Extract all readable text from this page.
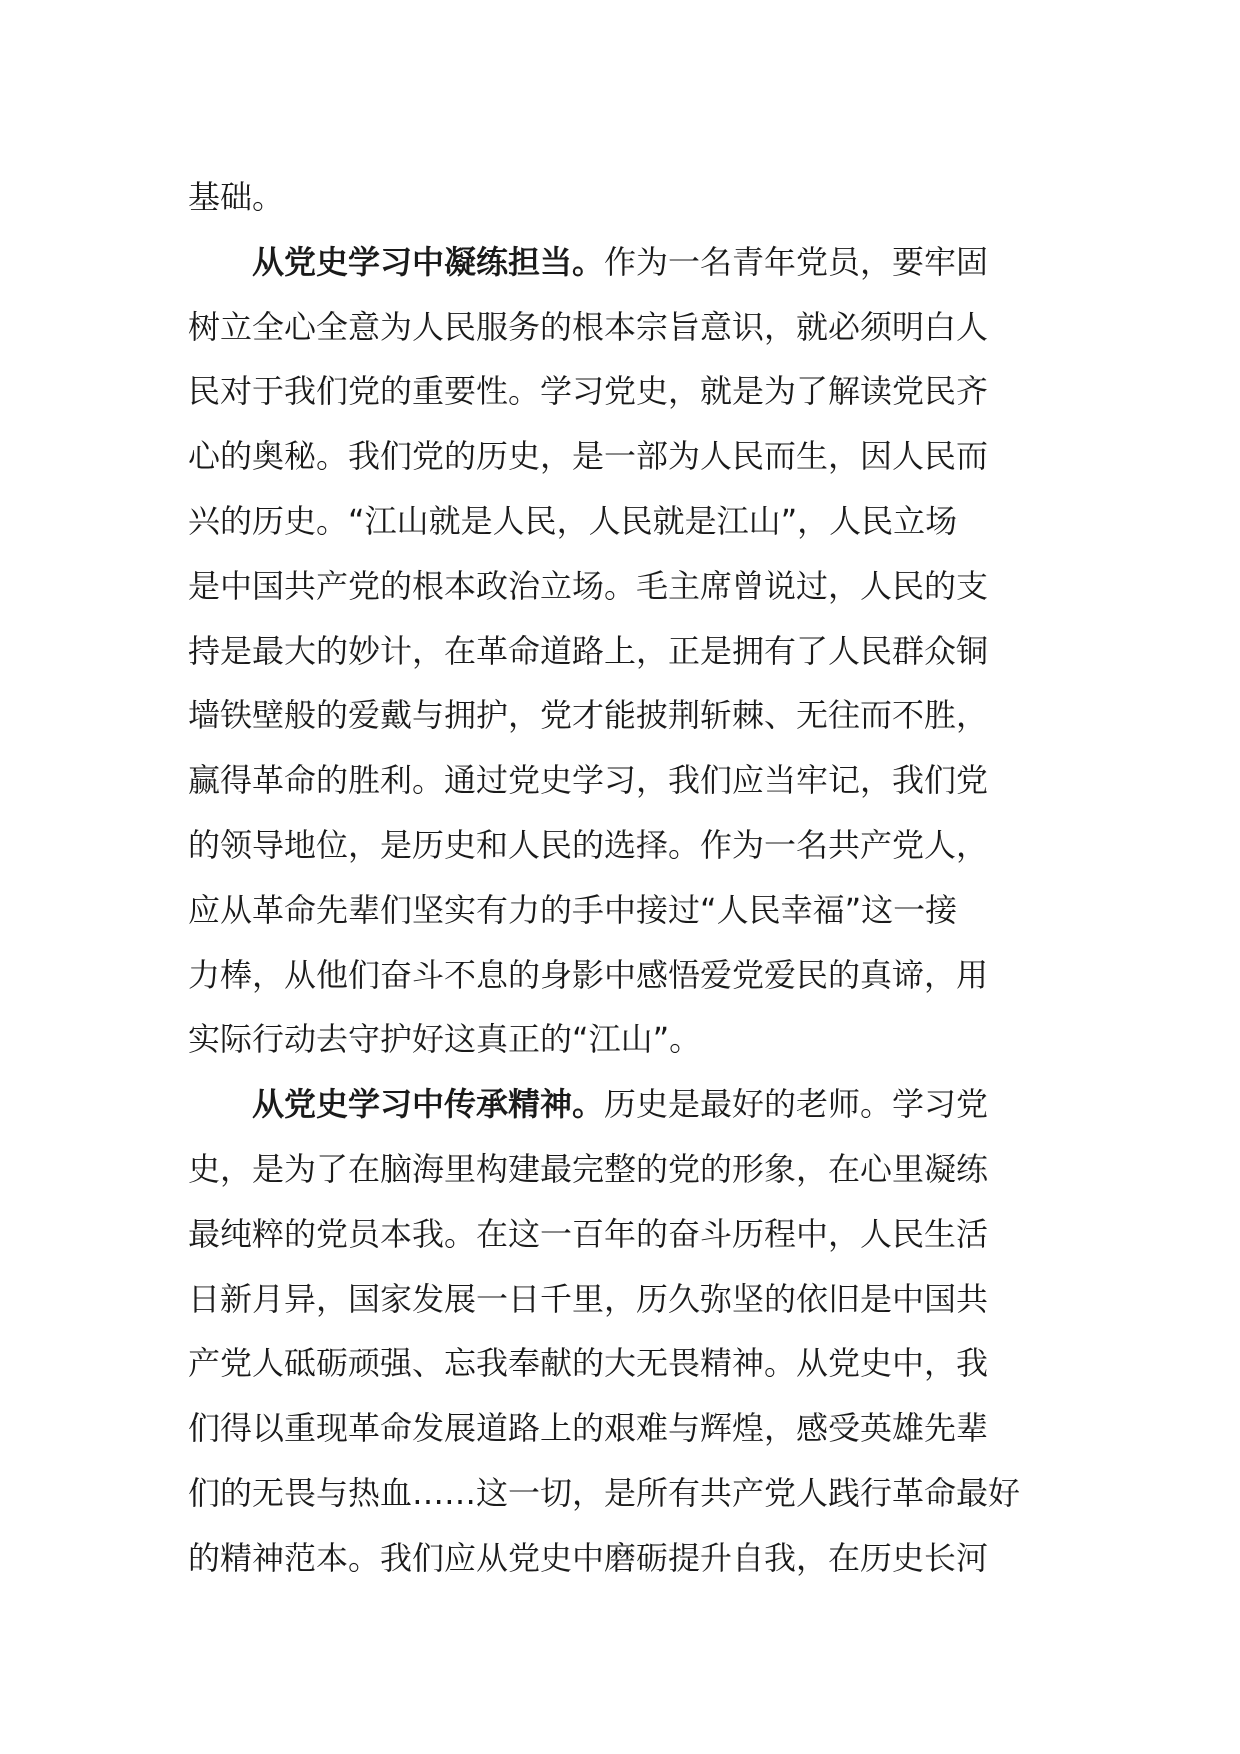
基础。
从党史学习中凝练担当。 作为一名青年党员，要牢固
树立全心全意为人民服务的根本宗旨意识，就必须明白人
民对于我们党的重要性。学习党史，就是为了解读党民齐
心的奥秘。我们党的历史，是一部为人民而生，因人民而
兴的历史。“江山就是人民，人民就是江山”，人民立场
是中国共产党的根本政治立场。毛主席曾说过，人民的支
持是最大的妙计，在革命道路上，正是拥有了人民群众铜
墙铁壁般的爱戴与拥护，党才能披荆斩棘、无往而不胜，
赢得革命的胜利。通过党史学习，我们应当牢记，我们党
的领导地位，是历史和人民的选择。作为一名共产党人，
应从革命先辈们坚实有力的手中接过“人民幸福”这一接
力棒，从他们奋斗不息的身影中感悟爱党爱民的真谛，用
实际行动去守护好这真正的“江山”。
从党史学习中传承精神。 历史是最好的老师。学习党
史，是为了在脑海里构建最完整的党的形象，在心里凝练
最纯粹的党员本我。在这一百年的奋斗历程中，人民生活
日新月异，国家发展一日千里，历久弥坚的依旧是中国共
产党人砥砺顽强、忘我奉献的大无畏精神。从党史中，我
们得以重现革命发展道路上的艰难与辉煌，感受英雄先辈
们的无畏与热血……这一切，是所有共产党人践行革命最好
的精神范本。我们应从党史中磨砺提升自我，在历史长河
